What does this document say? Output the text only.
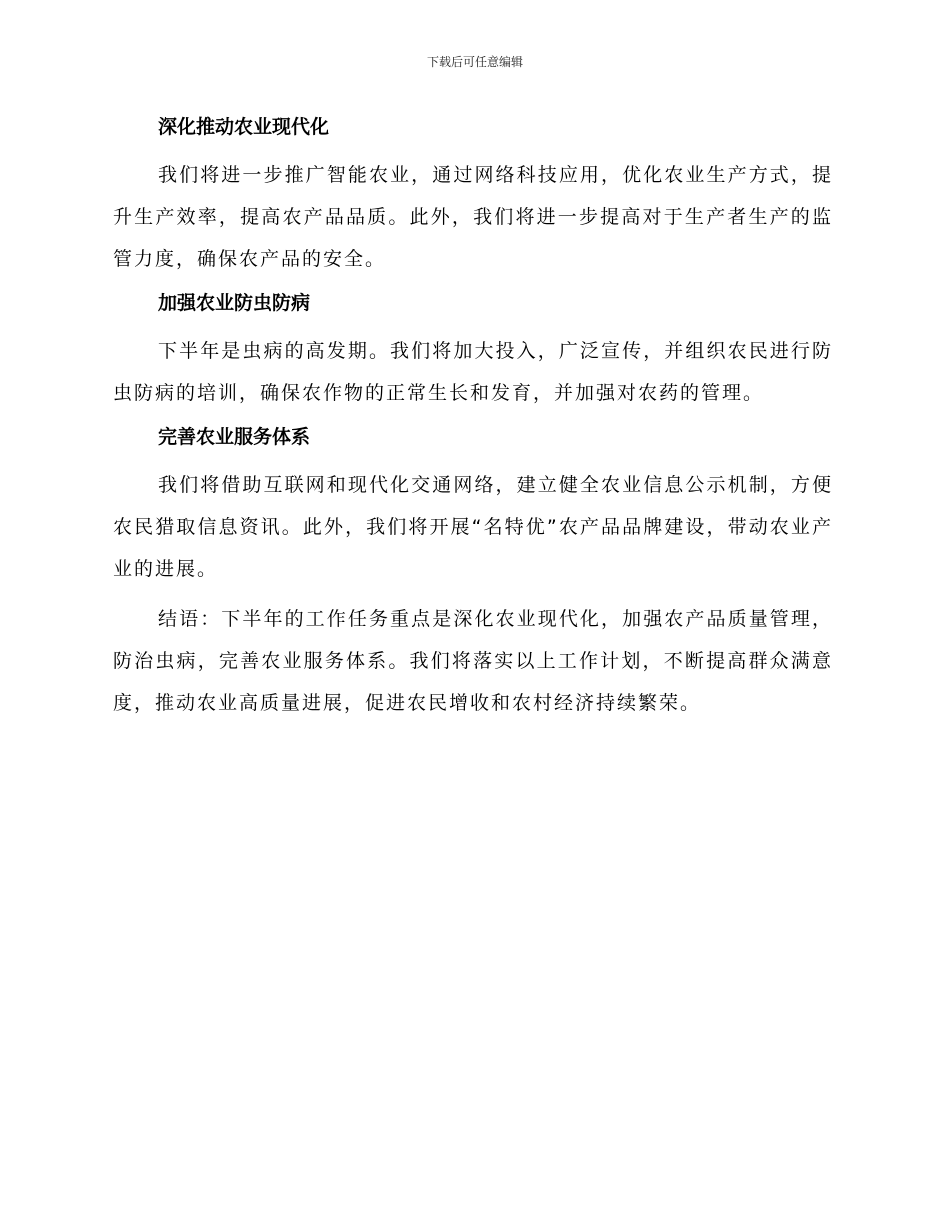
下载后可任意编辑
深化推动农业现代化

我们将进一步推广智能农业，通过网络科技应用，优化农业生产方式，提升生产效率，提高农产品品质。此外，我们将进一步提高对于生产者生产的监管力度，确保农产品的安全。

加强农业防虫防病

下半年是虫病的高发期。我们将加大投入，广泛宣传，并组织农民进行防虫防病的培训，确保农作物的正常生长和发育，并加强对农药的管理。

完善农业服务体系

我们将借助互联网和现代化交通网络，建立健全农业信息公示机制，方便农民猎取信息资讯。此外，我们将开展“名特优”农产品品牌建设，带动农业产业的进展。

结语：下半年的工作任务重点是深化农业现代化，加强农产品质量管理，防治虫病，完善农业服务体系。我们将落实以上工作计划，不断提高群众满意度，推动农业高质量进展，促进农民增收和农村经济持续繁荣。
